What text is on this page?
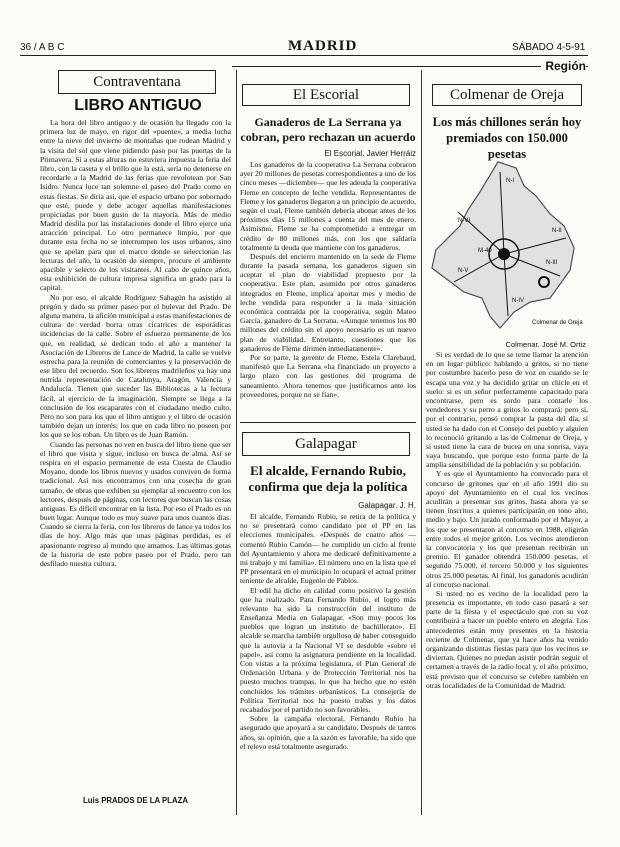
36 / A B C	MADRID	SÁBADO 4-5-91
Región
Contraventana
LIBRO ANTIGUO

La hora del libro antiguo y de ocasión ha llegado con la primera luz de mayo, en rigor del «puente», a media lucha entre la nieve del invierno de montañas que rodean Madrid y la visita del sol que viene pidiendo paso por las puertas de la Primavera. Si a estas alturas no estuviera impuesta la feria del libro, con la caseta y el brillo que la está, sería no detenerse en recordarle a la Madrid de las ferias que revolotean por San Isidro. Nunca luce tan solemne el paseo del Prado como en estas fiestas. Se diría así, que el espacio urbano por sobornado que esté, puede y debe acoger aquellas manifestaciones propiciadas por buen gusto de la mayoría. Más de medio Madrid desfila por las instalaciones donde el libro ejerce una atracción principal. Lo otro permanece limpio, por que durante esta fecha no se interrumpen los usos urbanos, sino que se apelan para que el marco donde se seleccionan las lecturas del año, la ocasión de siempre, procure el ambiente apacible y selecto de los visitantes. Al cabo de quince años, esta exhibición de cultura impresa significa un grado para la capital.

No por eso, el alcalde Rodríguez Sahagún ha asistido al pregón y dado su primer paseo por el bulevar del Prado. De alguna manera, la afición municipal a estas manifestaciones de cultura de verdad borra otras cicatrices de esporádicas incidencias de la calle. Sobre el esfuerzo permanente de los que, en realidad, se dedican todo el año a mantener la Asociación de Libreros de Lance de Madrid, la calle se vuelve estrecha para la reunión de comerciantes y la preservación de ese libro del recuerdo. Son los libreros madrileños ya hay una nutrida representación de Catalunya, Aragón, Valencia y Andalucía. Tienen que suceder las Bibliotecas a la lectura fácil, al ejercicio de la imaginación. Siempre se llega a la conclusión de los escaparates con el ciudadano medio culto. Pero no son para los que el libro antiguo y el libro de ocasión también dejan un interés; los que en cada libro no poseen por los que se los roban. Un libro es de Juan Ramón.

Cuando las personas no ven en busca del libro tiene que ser el libro que visita y sigue, incluso en busca de alma. Así se respira en el espacio permanente de esta Cuesta de Claudio Moyano, donde los libros nuevos y usados conviven de forma tradicional. Así nos encontramos con una cosecha de gran tamaño, de obras que exhiben su ejemplar al encuentro con los lectores, después de páginas, con lectores que buscan las cosas antiguas. Es difícil encontrar en la lista. Por eso el Prado es un buen lugar. Aunque todo es muy suave para unos cuantos días. Cuando se cierra la feria, con los libreros de lance ya todos los días de hoy. Algo más que unas páginas perdidas, es el apasionante regreso al mundo que amamos. Las últimas gotas de la historia de este pobre paseo por el Prado, pero tan desfilado nuestra cultura.

Luis PRADOS DE LA PLAZA
El Escorial
Ganaderos de La Serrana ya cobran, pero rechazan un acuerdo
El Escorial. Javier Herráiz

Los ganaderos de la cooperativa La Serrana cobraron ayer 20 millones de pesetas correspondientes a uno de los cinco meses —diciembre— que les adeuda la cooperativa Fleme en concepto de leche vendida. Representantes de Fleme y los ganaderos llegaron a un principio de acuerdo, según el cual, Fleme también debería abonar antes de los próximos días 15 millones a cuenta del mes de enero. Asimismo, Fleme se ha comprometido a entregar un crédito de 80 millones más, con los que saldaría totalmente la deuda que mantiene con los ganaderos.

Después del encierro mantenido en la sede de Fleme durante la pasada semana, los ganaderos siguen sin aceptar el plan de viabilidad propuesto por la cooperativa. Este plan, asumido por otros ganaderos integrados en Fleme, implica aportar mes y medio de leche vendida para responder a la mala situación económica contraída por la cooperativa, según Mateo García, ganadero de La Serrana. «Aunque tenemos los 80 millones del crédito sin el apoyo necesario es un nuevo plan de viabilidad. Entretanto, cuestiones que los ganaderos de Fleme dirimen inmediatamente».

Por su parte, la gerente de Fleme, Estela Clarebaud, manifestó que La Serrana «ha financiado un proyecto a largo plazo con las gestiones del programa de saneamiento. Ahora tenemos que justificarnos ante los proveedores, porque no se fían».

Galapagar
El alcalde, Fernando Rubio, confirma que deja la política
Galapagar. J. H.

El alcalde, Fernando Rubio, se retira de la política y no se presentará como candidato por el PP en las elecciones municipales. «Después de cuatro años —comentó Rubio Camón— he cumplido un ciclo al frente del Ayuntamiento y ahora me dedicaré definitivamente a mi trabajo y mi familia». El número uno en la lista que el PP presentará en el municipio lo ocupará el actual primer teniente de alcalde, Eugenio de Pablos.

El edil ha dicho en calidad como positivo la gestión que ha realizado. Para Fernando Rubio, el logro más relevante ha sido la construcción del instituto de Enseñanza Media en Galapagar. «Son muy pocos los pueblos que logran un instituto de bachillerato». El alcalde se marcha también orgulloso de haber conseguido que la autovía a la Nacional VI se desdoble «sobre el papel», así como la asignatura pendiente en la localidad. Con vistas a la próxima legislatura, el Plan General de Ordenación Urbana y de Protección Territorial nos ha puesto muchos trampas, lo que ha hecho que no estén concluidos los trámites urbanísticos. La consejería de Política Territorial nos ha puesto trabas y los datos recabados por el partido no son favorables.

Sobre la campaña electoral, Fernando Rubio ha asegurado que apoyará a su candidato. Después de tantos años, su opinión, que a la sazón es favorable, ha sido que el relevo está totalmente asegurado.

Colmenar de Oreja
Los más chillones serán hoy premiados con 150.000 pesetas
N-I
N-II
N-III
N-IV
N-V
N-VI
M-40
Colmenar de Oreja
Colmenar. José M. Ortiz

Si es verdad de lo que se teme llamar la atención en un lugar público: hablando a gritos, si no tiene por costumbre hacerlo peso de voz en cuando se le escapa una voz y ha decidido gritar un chicle en el suelo: si es un señor perfectamente capacitado para encontrarse, pero es sordo para contarle los vendedores y su perro a gritos lo comprará: pero si, por el contrario, pensó comprar la pasta del día, si usted se ha dado con el Consejo del pueblo y alguien lo reconoció gritando a las de Colmenar de Oreja, y si usted tiene la cara de bucea en una sonrisa, vaya vaya buscando, que porque esto forma parte de la amplia sensibilidad de la población y su población.

Y es que el Ayuntamiento ha convocado para el concurso de gritones que en el año 1991 dio su apoyo del Ayuntamiento en el cual los vecinos acudirán a presentar sus gritos, hasta ahora ya se tienen inscritos a quienes participarán en tono alto, medio y bajo. Un jurado conformado por el Mayor, a los que se presentaron al concurso en 1988, eligirán entre todos el mejor gritón. Los vecinos atendieron la convocatoria y los que presentan recibirán un premio. El ganador obtendrá 150.000 pesetas, el segundo 75.000, el tercero 50.000 y los siguientes otros 25.000 pesetas. Al final, los ganadores acudirán al concurso nacional.

Si usted no es vecino de la localidad pero la presencia es importante, en todo caso pasará a ser parte de la fiesta y el espectáculo que con su voz contribuirá a hacer un pueblo entero en alegría. Los antecedentes están muy presentes en la historia reciente de Colmenar, que ya hace años ha venido organizando distintas fiestas para que los vecinos se diviertan. Quienes no puedan asistir podrán seguir el certamen a través de la radio local y, el año próximo, está previsto que el concurso se celebre también en otras localidades de la Comunidad de Madrid.
